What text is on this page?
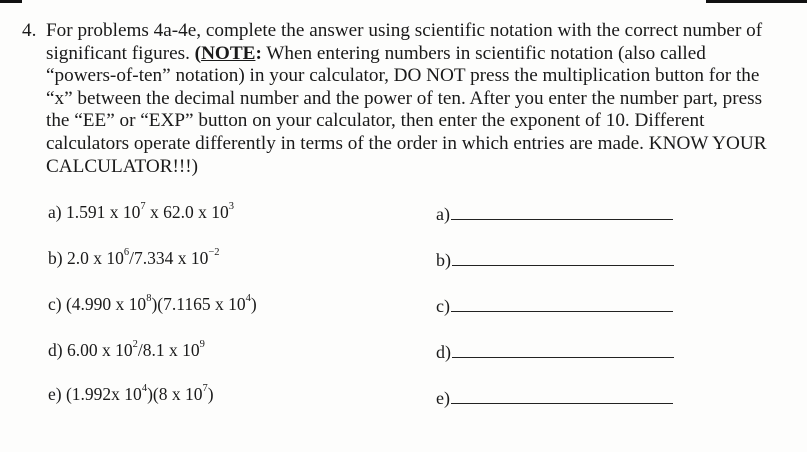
4. For problems 4a-4e, complete the answer using scientific notation with the correct number of
significant figures. (NOTE: When entering numbers in scientific notation (also called
“powers-of-ten” notation) in your calculator, DO NOT press the multiplication button for the
“x” between the decimal number and the power of ten. After you enter the number part, press
the “EE” or “EXP” button on your calculator, then enter the exponent of 10. Different
calculators operate differently in terms of the order in which entries are made. KNOW YOUR
CALCULATOR!!!)
a) 1.591 x $10^7$ x 62.0 x $10^3$	a)
b) 2.0 x $10^6/7.334$ x $10^{-2}$	b)
c) (4.990 x $10^8)(7.1165$ x $10^4$)	c)
d) 6.00 x $10^2/8.1$ x $10^9$	d)
e) (1.992x $10^4)(8$ x $10^7$)	e)
